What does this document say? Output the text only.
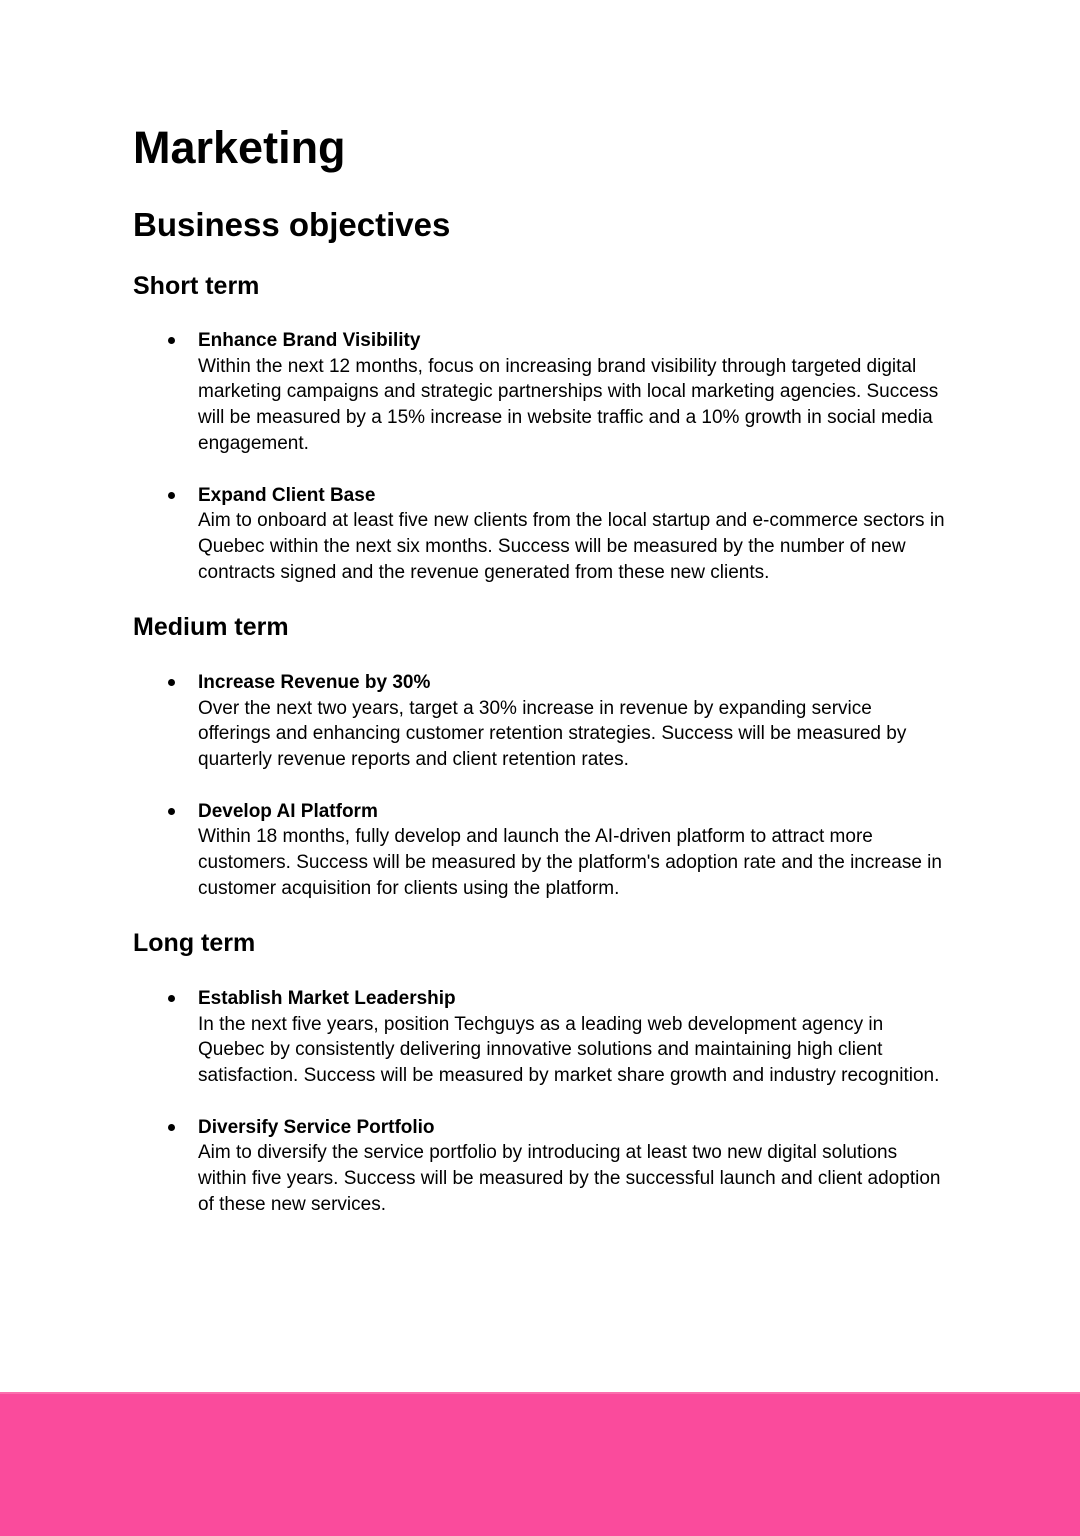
Marketing
Business objectives
Short term
Enhance Brand Visibility
Within the next 12 months, focus on increasing brand visibility through targeted digital marketing campaigns and strategic partnerships with local marketing agencies. Success will be measured by a 15% increase in website traffic and a 10% growth in social media engagement.
Expand Client Base
Aim to onboard at least five new clients from the local startup and e-commerce sectors in Quebec within the next six months. Success will be measured by the number of new contracts signed and the revenue generated from these new clients.
Medium term
Increase Revenue by 30%
Over the next two years, target a 30% increase in revenue by expanding service offerings and enhancing customer retention strategies. Success will be measured by quarterly revenue reports and client retention rates.
Develop AI Platform
Within 18 months, fully develop and launch the AI-driven platform to attract more customers. Success will be measured by the platform's adoption rate and the increase in customer acquisition for clients using the platform.
Long term
Establish Market Leadership
In the next five years, position Techguys as a leading web development agency in Quebec by consistently delivering innovative solutions and maintaining high client satisfaction. Success will be measured by market share growth and industry recognition.
Diversify Service Portfolio
Aim to diversify the service portfolio by introducing at least two new digital solutions within five years. Success will be measured by the successful launch and client adoption of these new services.
